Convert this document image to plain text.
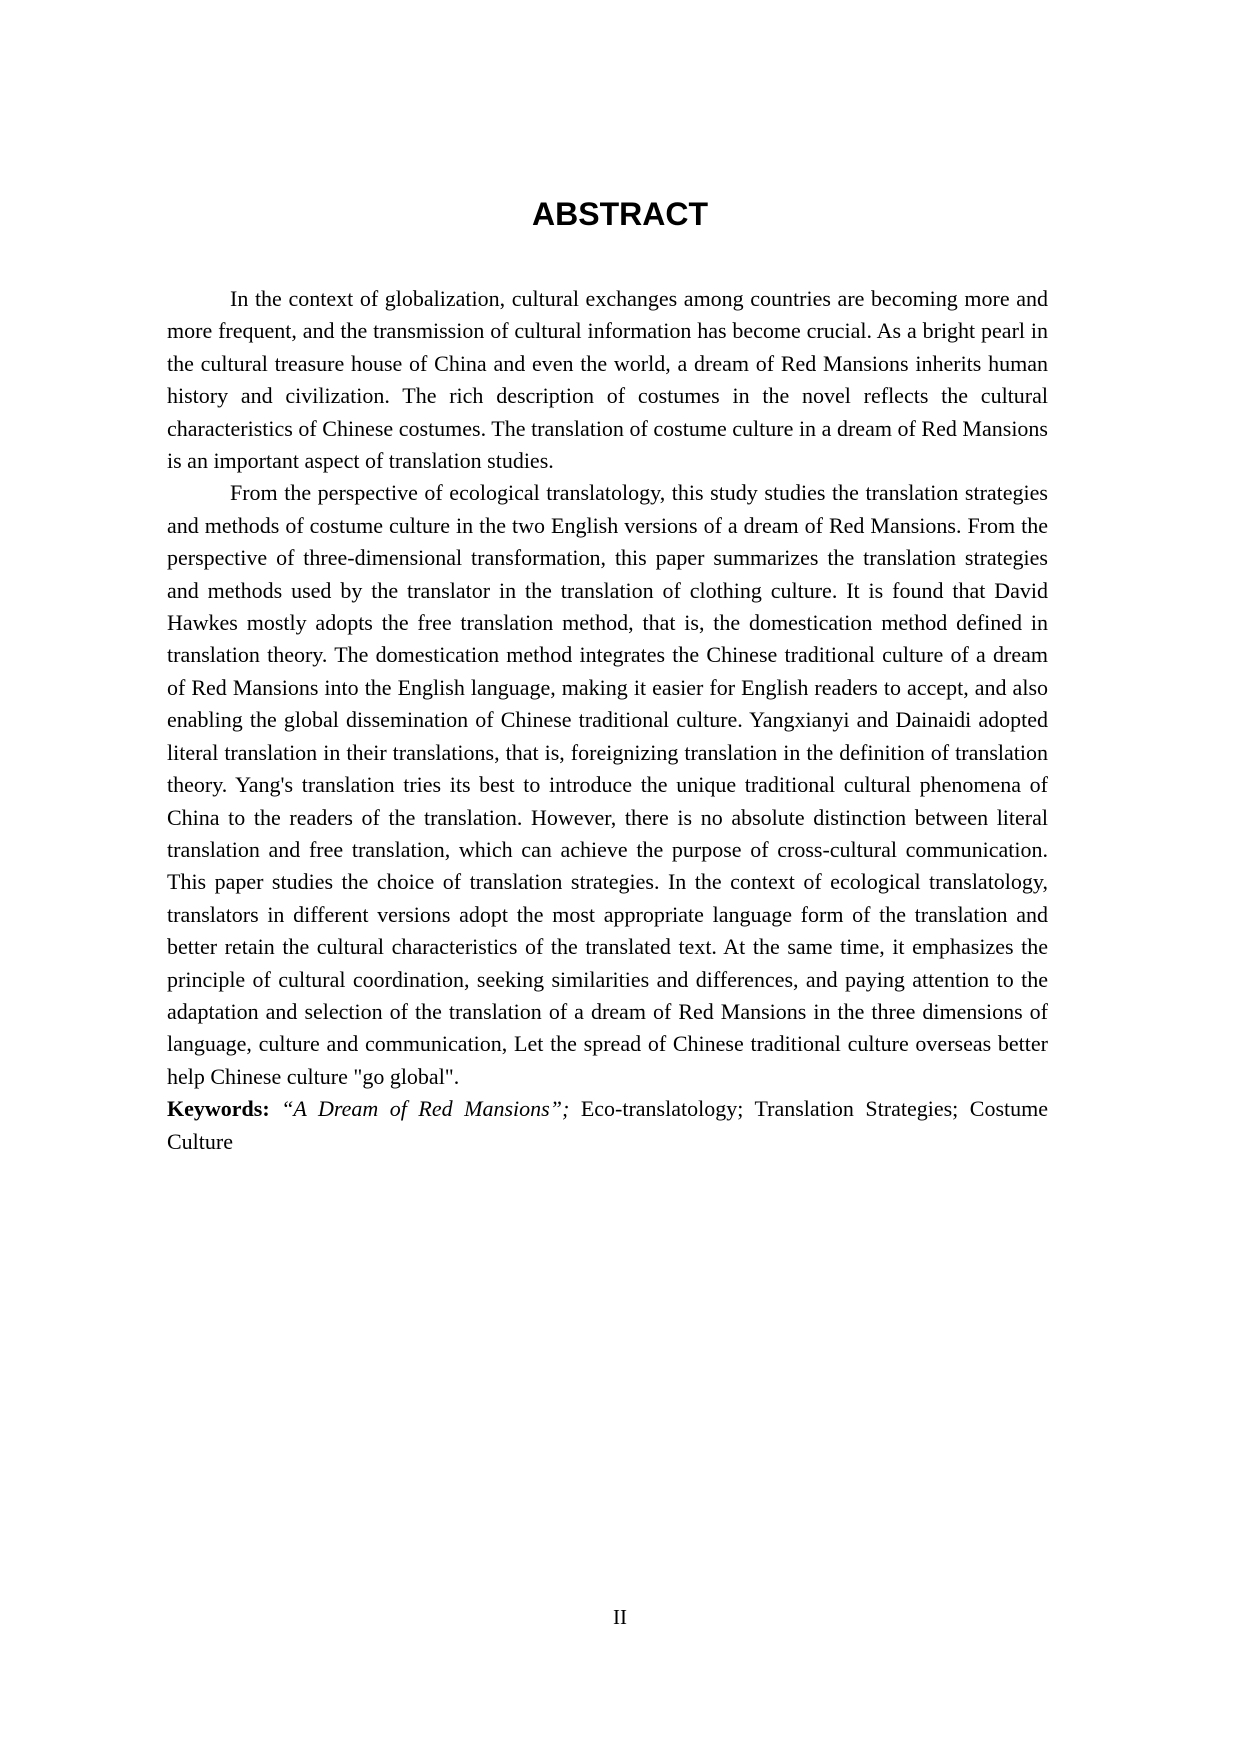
ABSTRACT

In the context of globalization, cultural exchanges among countries are becoming more and more frequent, and the transmission of cultural information has become crucial. As a bright pearl in the cultural treasure house of China and even the world, a dream of Red Mansions inherits human history and civilization. The rich description of costumes in the novel reflects the cultural characteristics of Chinese costumes. The translation of costume culture in a dream of Red Mansions is an important aspect of translation studies.

From the perspective of ecological translatology, this study studies the translation strategies and methods of costume culture in the two English versions of a dream of Red Mansions. From the perspective of three-dimensional transformation, this paper summarizes the translation strategies and methods used by the translator in the translation of clothing culture. It is found that David Hawkes mostly adopts the free translation method, that is, the domestication method defined in translation theory. The domestication method integrates the Chinese traditional culture of a dream of Red Mansions into the English language, making it easier for English readers to accept, and also enabling the global dissemination of Chinese traditional culture. Yangxianyi and Dainaidi adopted literal translation in their translations, that is, foreignizing translation in the definition of translation theory. Yang's translation tries its best to introduce the unique traditional cultural phenomena of China to the readers of the translation. However, there is no absolute distinction between literal translation and free translation, which can achieve the purpose of cross-cultural communication. This paper studies the choice of translation strategies. In the context of ecological translatology, translators in different versions adopt the most appropriate language form of the translation and better retain the cultural characteristics of the translated text. At the same time, it emphasizes the principle of cultural coordination, seeking similarities and differences, and paying attention to the adaptation and selection of the translation of a dream of Red Mansions in the three dimensions of language, culture and communication, Let the spread of Chinese traditional culture overseas better help Chinese culture "go global".

Keywords: “A Dream of Red Mansions”; Eco-translatology; Translation Strategies; Costume Culture

II
